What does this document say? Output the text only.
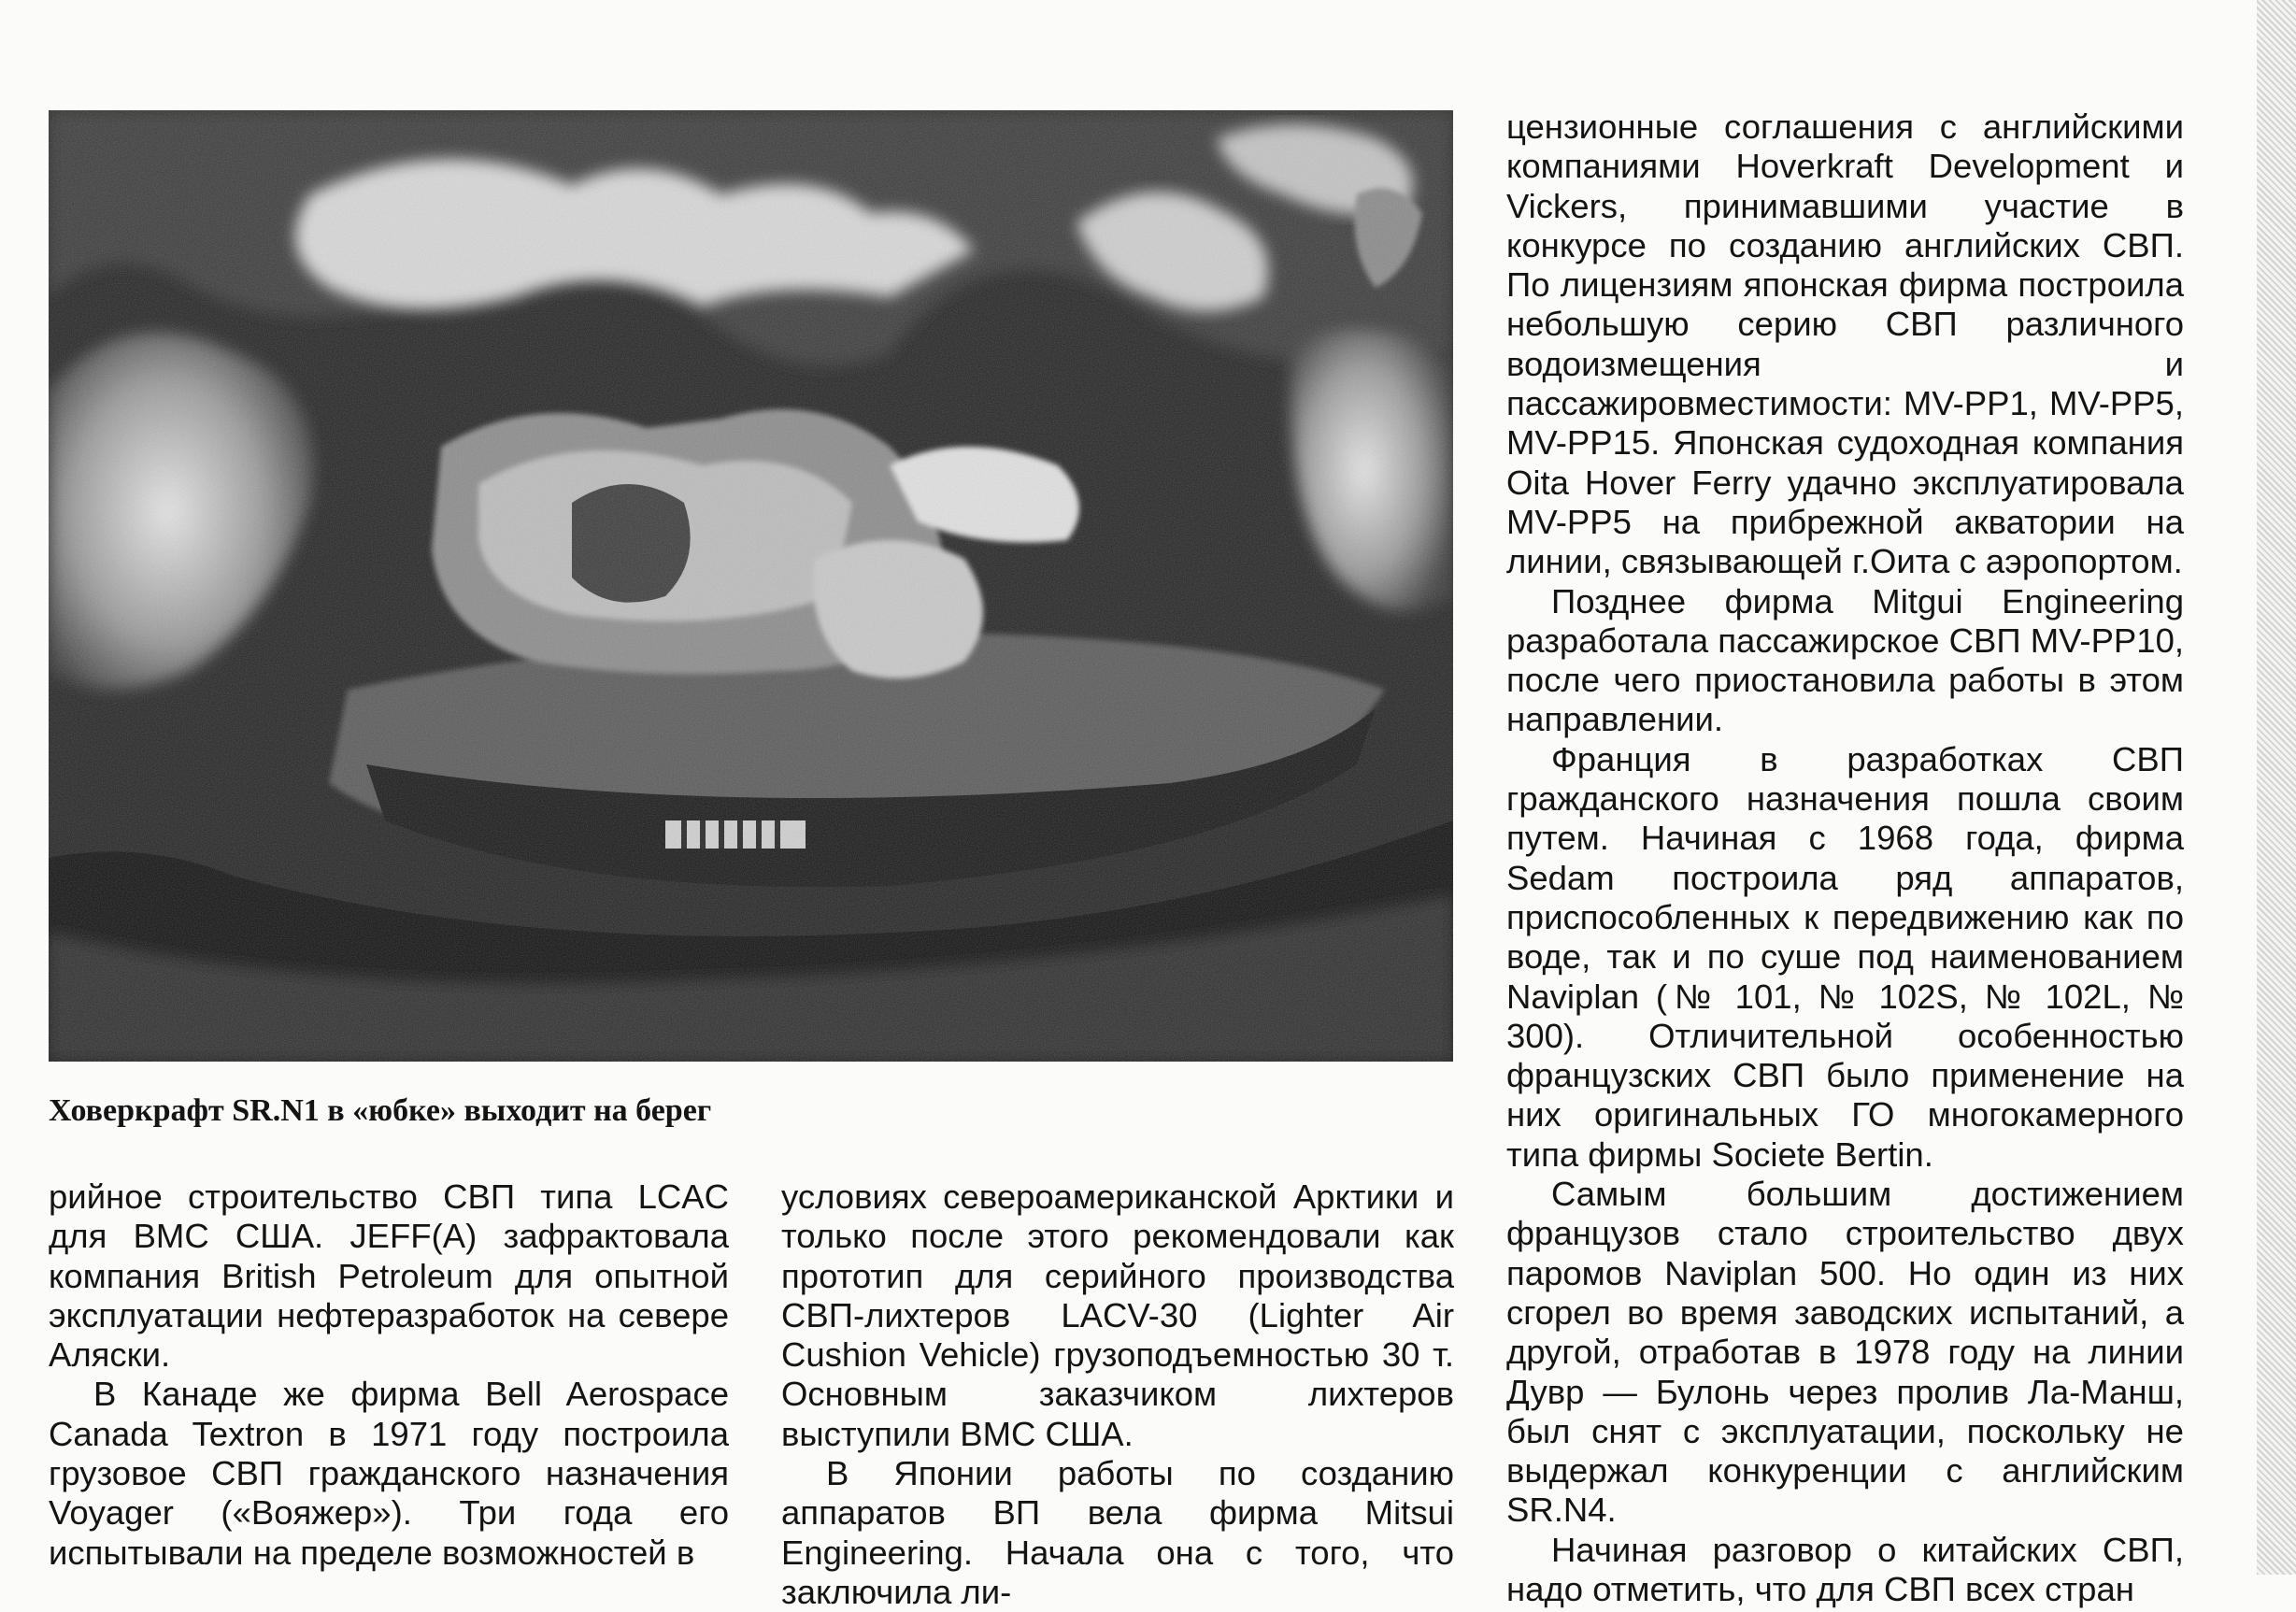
Ховеркрафт SR.N1 в «юбке» выходит на берег

цензионные соглашения с английскими компаниями Hoverkraft Development и Vickers, принимавшими участие в конкурсе по созданию английских СВП. По лицензиям японская фирма построила небольшую серию СВП различного водоизмещения и пассажировместимости: MV-PP1, MV-PP5, MV-PP15. Японская судоходная компания Oita Hover Ferry удачно эксплуатировала MV-PP5 на прибрежной акватории на линии, связывающей г.Оита с аэропортом.

Позднее фирма Mitgui Engineering разработала пассажирское СВП MV-PP10, после чего приостановила работы в этом направлении.

Франция в разработках СВП гражданского назначения пошла своим путем. Начиная с 1968 года, фирма Sedam построила ряд аппаратов, приспособленных к передвижению как по воде, так и по суше под наименованием Naviplan (№ 101, № 102S, № 102L, № 300). Отличительной особенностью французских СВП было применение на них оригинальных ГО многокамерного типа фирмы Societe Bertin.

Самым большим достижением французов стало строительство двух паромов Naviplan 500. Но один из них сгорел во время заводских испытаний, а другой, отработав в 1978 году на линии Дувр — Булонь через пролив Ла-Манш, был снят с эксплуатации, поскольку не выдержал конкуренции с английским SR.N4.

Начиная разговор о китайских СВП, надо отметить, что для СВП всех стран

рийное строительство СВП типа LCAC для ВМС США. JEFF(A) зафрактовала компания British Petroleum для опытной эксплуатации нефтеразработок на севере Аляски.

В Канаде же фирма Bell Aerospace Canada Textron в 1971 году построила грузовое СВП гражданского назначения Voyager («Вояжер»). Три года его испытывали на пределе возможностей в

условиях североамериканской Арктики и только после этого рекомендовали как прототип для серийного производства СВП-лихтеров LACV-30 (Lighter Air Cushion Vehicle) грузоподъемностью 30 т. Основным заказчиком лихтеров выступили ВМС США.

В Японии работы по созданию аппаратов ВП вела фирма Mitsui Engineering. Начала она с того, что заключила ли-
